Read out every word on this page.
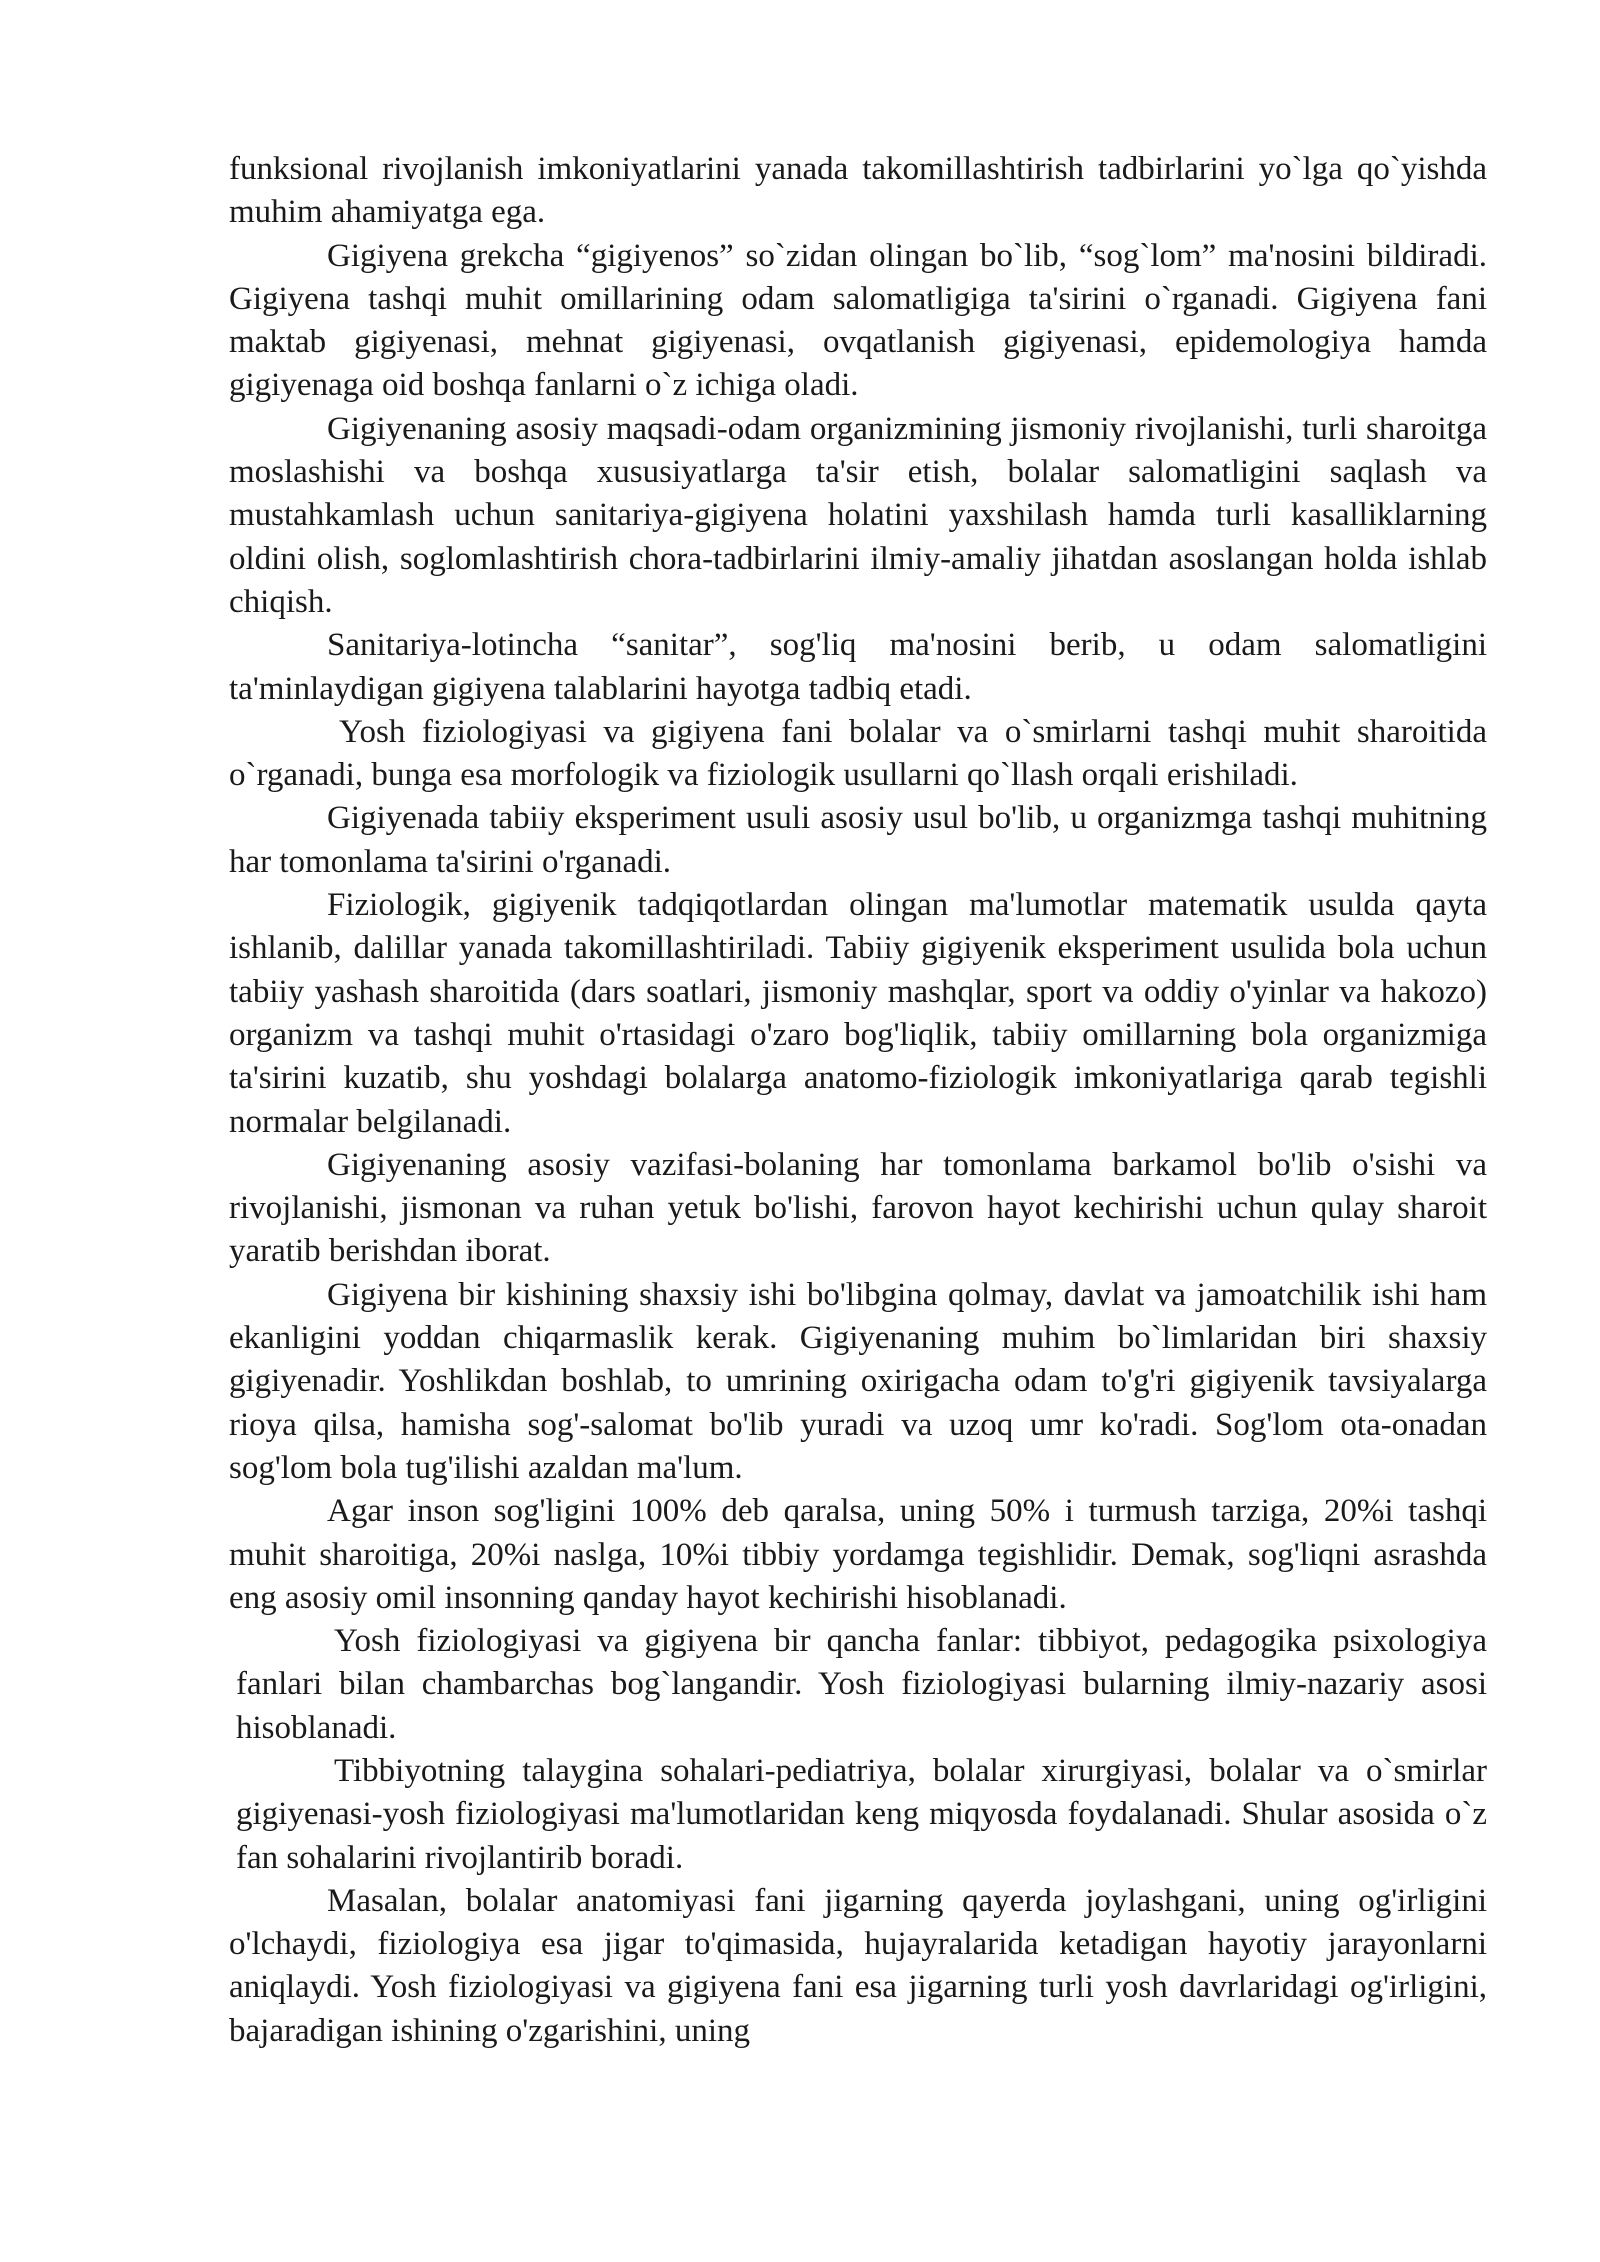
funksional rivojlanish imkoniyatlarini yanada takomillashtirish tadbirlarini yo`lga qo`yishda muhim ahamiyatga ega.

Gigiyena grekcha “gigiyenos” so`zidan olingan bo`lib, “sog`lom” ma'nosini bildiradi. Gigiyena tashqi muhit omillarining odam salomatligiga ta'sirini o`rganadi. Gigiyena fani maktab gigiyenasi, mehnat gigiyenasi, ovqatlanish gigiyenasi, epidemologiya hamda gigiyenaga oid boshqa fanlarni o`z ichiga oladi.

Gigiyenaning asosiy maqsadi-odam organizmining jismoniy rivojlanishi, turli sharoitga moslashishi va boshqa xususiyatlarga ta'sir etish, bolalar salomatligini saqlash va mustahkamlash uchun sanitariya-gigiyena holatini yaxshilash hamda turli kasalliklarning oldini olish, soglomlashtirish chora-tadbirlarini ilmiy-amaliy jihatdan asoslangan holda ishlab chiqish.

Sanitariya-lotincha “sanitar”, sog'liq ma'nosini berib, u odam salomatligini ta'minlaydigan gigiyena talablarini hayotga tadbiq etadi.

Yosh fiziologiyasi va gigiyena fani bolalar va o`smirlarni tashqi muhit sharoitida o`rganadi, bunga esa morfologik va fiziologik usullarni qo`llash orqali erishiladi.

Gigiyenada tabiiy eksperiment usuli asosiy usul bo'lib, u organizmga tashqi muhitning har tomonlama ta'sirini o'rganadi.

Fiziologik, gigiyenik tadqiqotlardan olingan ma'lumotlar matematik usulda qayta ishlanib, dalillar yanada takomillashtiriladi. Tabiiy gigiyenik eksperiment usulida bola uchun tabiiy yashash sharoitida (dars soatlari, jismoniy mashqlar, sport va oddiy o'yinlar va hakozo) organizm va tashqi muhit o'rtasidagi o'zaro bog'liqlik, tabiiy omillarning bola organizmiga ta'sirini kuzatib, shu yoshdagi bolalarga anatomo-fiziologik imkoniyatlariga qarab tegishli normalar belgilanadi.

Gigiyenaning asosiy vazifasi-bolaning har tomonlama barkamol bo'lib o'sishi va rivojlanishi, jismonan va ruhan yetuk bo'lishi, farovon hayot kechirishi uchun qulay sharoit yaratib berishdan iborat.

Gigiyena bir kishining shaxsiy ishi bo'libgina qolmay, davlat va jamoatchilik ishi ham ekanligini yoddan chiqarmaslik kerak. Gigiyenaning muhim bo`limlaridan biri shaxsiy gigiyenadir. Yoshlikdan boshlab, to umrining oxirigacha odam to'g'ri gigiyenik tavsiyalarga rioya qilsa, hamisha sog'-salomat bo'lib yuradi va uzoq umr ko'radi. Sog'lom ota-onadan sog'lom bola tug'ilishi azaldan ma'lum.

Agar inson sog'ligini 100% deb qaralsa, uning 50% i turmush tarziga, 20%i tashqi muhit sharoitiga, 20%i naslga, 10%i tibbiy yordamga tegishlidir. Demak, sog'liqni asrashda eng asosiy omil insonning qanday hayot kechirishi hisoblanadi.

Yosh fiziologiyasi va gigiyena bir qancha fanlar: tibbiyot, pedagogika psixologiya fanlari bilan chambarchas bog`langandir. Yosh fiziologiyasi bularning ilmiy-nazariy asosi hisoblanadi.

Tibbiyotning talaygina sohalari-pediatriya, bolalar xirurgiyasi, bolalar va o`smirlar gigiyenasi-yosh fiziologiyasi ma'lumotlaridan keng miqyosda foydalanadi. Shular asosida o`z fan sohalarini rivojlantirib boradi.

Masalan, bolalar anatomiyasi fani jigarning qayerda joylashgani, uning og'irligini o'lchaydi, fiziologiya esa jigar to'qimasida, hujayralarida ketadigan hayotiy jarayonlarni aniqlaydi. Yosh fiziologiyasi va gigiyena fani esa jigarning turli yosh davrlaridagi og'irligini, bajaradigan ishining o'zgarishini, uning
